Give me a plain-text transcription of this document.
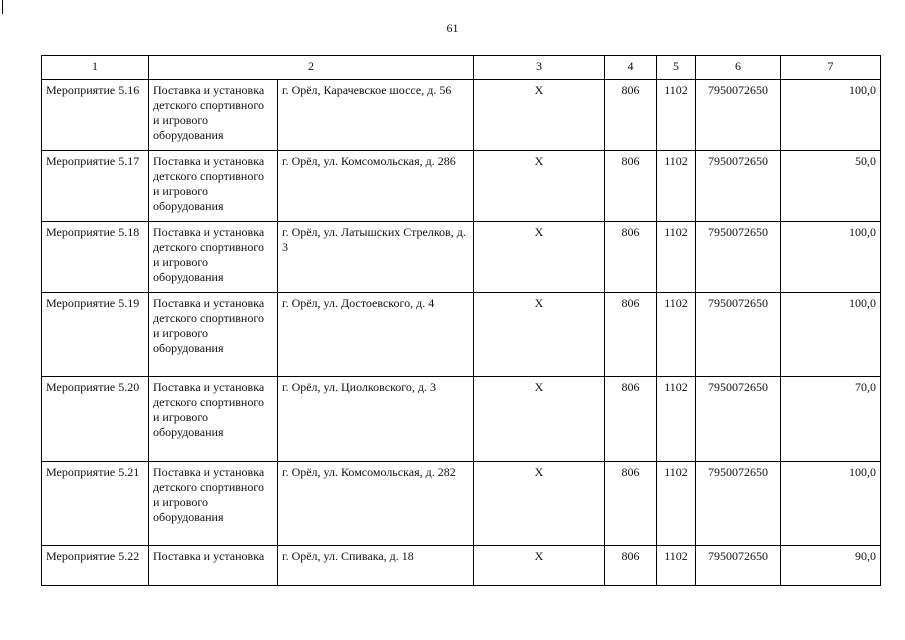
61
1	2		3	4	5	6	7
Мероприятие 5.16	Поставка и установка детского спортивного и игрового оборудования	г. Орёл, Карачевское шоссе, д. 56	Х	806	1102	7950072650	100,0
Мероприятие 5.17	Поставка и установка детского спортивного и игрового оборудования	г. Орёл, ул. Комсомольская, д. 286	Х	806	1102	7950072650	50,0
Мероприятие 5.18	Поставка и установка детского спортивного и игрового оборудования	г. Орёл, ул. Латышских Стрелков, д. 3	Х	806	1102	7950072650	100,0
Мероприятие 5.19	Поставка и установка детского спортивного и игрового оборудования	г. Орёл, ул. Достоевского, д. 4	Х	806	1102	7950072650	100,0
Мероприятие 5.20	Поставка и установка детского спортивного и игрового оборудования	г. Орёл, ул. Циолковского, д. 3	Х	806	1102	7950072650	70,0
Мероприятие 5.21	Поставка и установка детского спортивного и игрового оборудования	г. Орёл, ул. Комсомольская, д. 282	Х	806	1102	7950072650	100,0
Мероприятие 5.22	Поставка и установка	г. Орёл, ул. Спивака, д. 18	Х	806	1102	7950072650	90,0
